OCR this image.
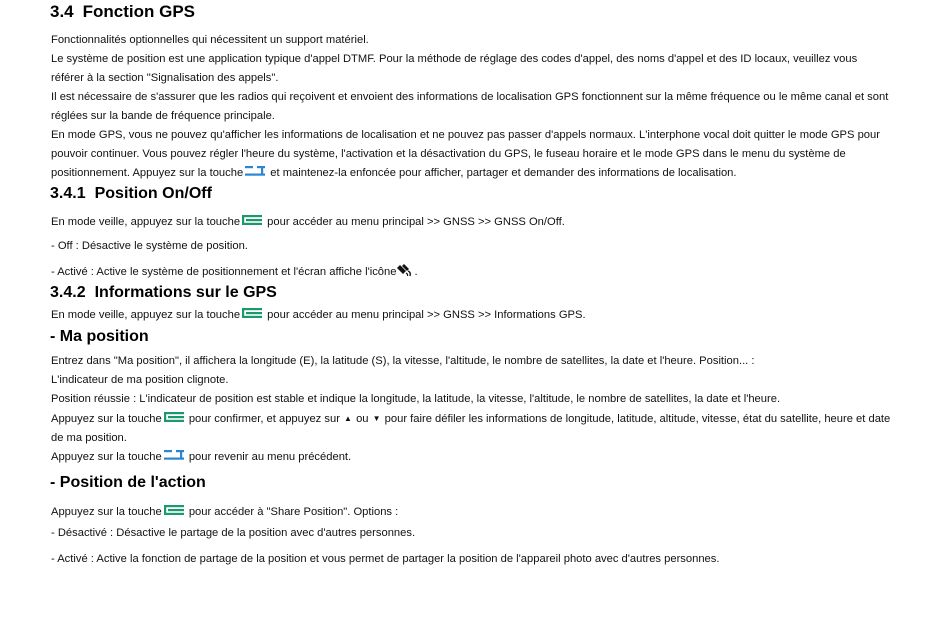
3.4 Fonction GPS

Fonctionnalités optionnelles qui nécessitent un support matériel.
Le système de position est une application typique d'appel DTMF. Pour la méthode de réglage des codes d'appel, des noms d'appel et des ID locaux, veuillez vous référer à la section "Signalisation des appels".
Il est nécessaire de s'assurer que les radios qui reçoivent et envoient des informations de localisation GPS fonctionnent sur la même fréquence ou le même canal et sont réglées sur la bande de fréquence principale.
En mode GPS, vous ne pouvez qu'afficher les informations de localisation et ne pouvez pas passer d'appels normaux. L'interphone vocal doit quitter le mode GPS pour pouvoir continuer. Vous pouvez régler l'heure du système, l'activation et la désactivation du GPS, le fuseau horaire et le mode GPS dans le menu du système de positionnement. Appuyez sur la touche et maintenez-la enfoncée pour afficher, partager et demander des informations de localisation.

3.4.1 Position On/Off

En mode veille, appuyez sur la touche pour accéder au menu principal >> GNSS >> GNSS On/Off.

- Off : Désactive le système de position.

- Activé : Active le système de positionnement et l'écran affiche l'icône .

3.4.2 Informations sur le GPS

En mode veille, appuyez sur la touche pour accéder au menu principal >> GNSS >> Informations GPS.

- Ma position

Entrez dans "Ma position", il affichera la longitude (E), la latitude (S), la vitesse, l'altitude, le nombre de satellites, la date et l'heure. Position... :
L'indicateur de ma position clignote.
Position réussie : L'indicateur de position est stable et indique la longitude, la latitude, la vitesse, l'altitude, le nombre de satellites, la date et l'heure.
Appuyez sur la touche pour confirmer, et appuyez sur ▲ ou ▼ pour faire défiler les informations de longitude, latitude, altitude, vitesse, état du satellite, heure et date de ma position.
Appuyez sur la touche pour revenir au menu précédent.

- Position de l'action

Appuyez sur la touche pour accéder à "Share Position". Options :

- Désactivé : Désactive le partage de la position avec d'autres personnes.

- Activé : Active la fonction de partage de la position et vous permet de partager la position de l'appareil photo avec d'autres personnes.
